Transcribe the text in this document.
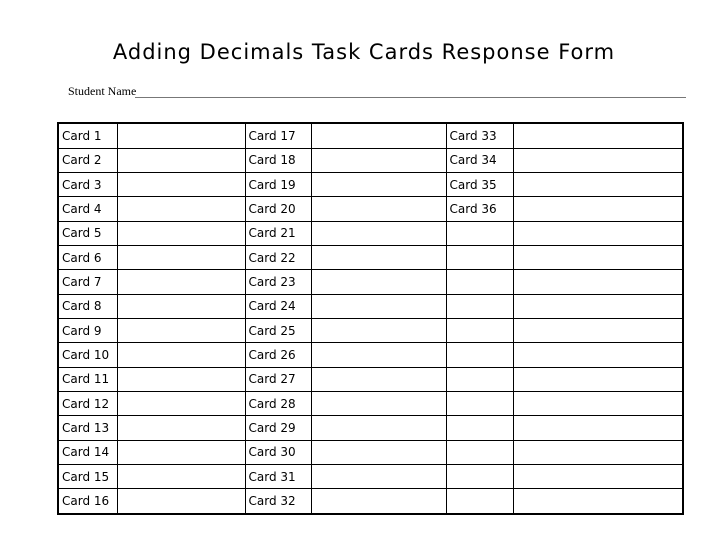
Adding Decimals Task Cards Response Form
Student Name
Card 1		Card 17		Card 33	
Card 2		Card 18		Card 34	
Card 3		Card 19		Card 35	
Card 4		Card 20		Card 36	
Card 5		Card 21			
Card 6		Card 22			
Card 7		Card 23			
Card 8		Card 24			
Card 9		Card 25			
Card 10		Card 26			
Card 11		Card 27			
Card 12		Card 28			
Card 13		Card 29			
Card 14		Card 30			
Card 15		Card 31			
Card 16		Card 32			
